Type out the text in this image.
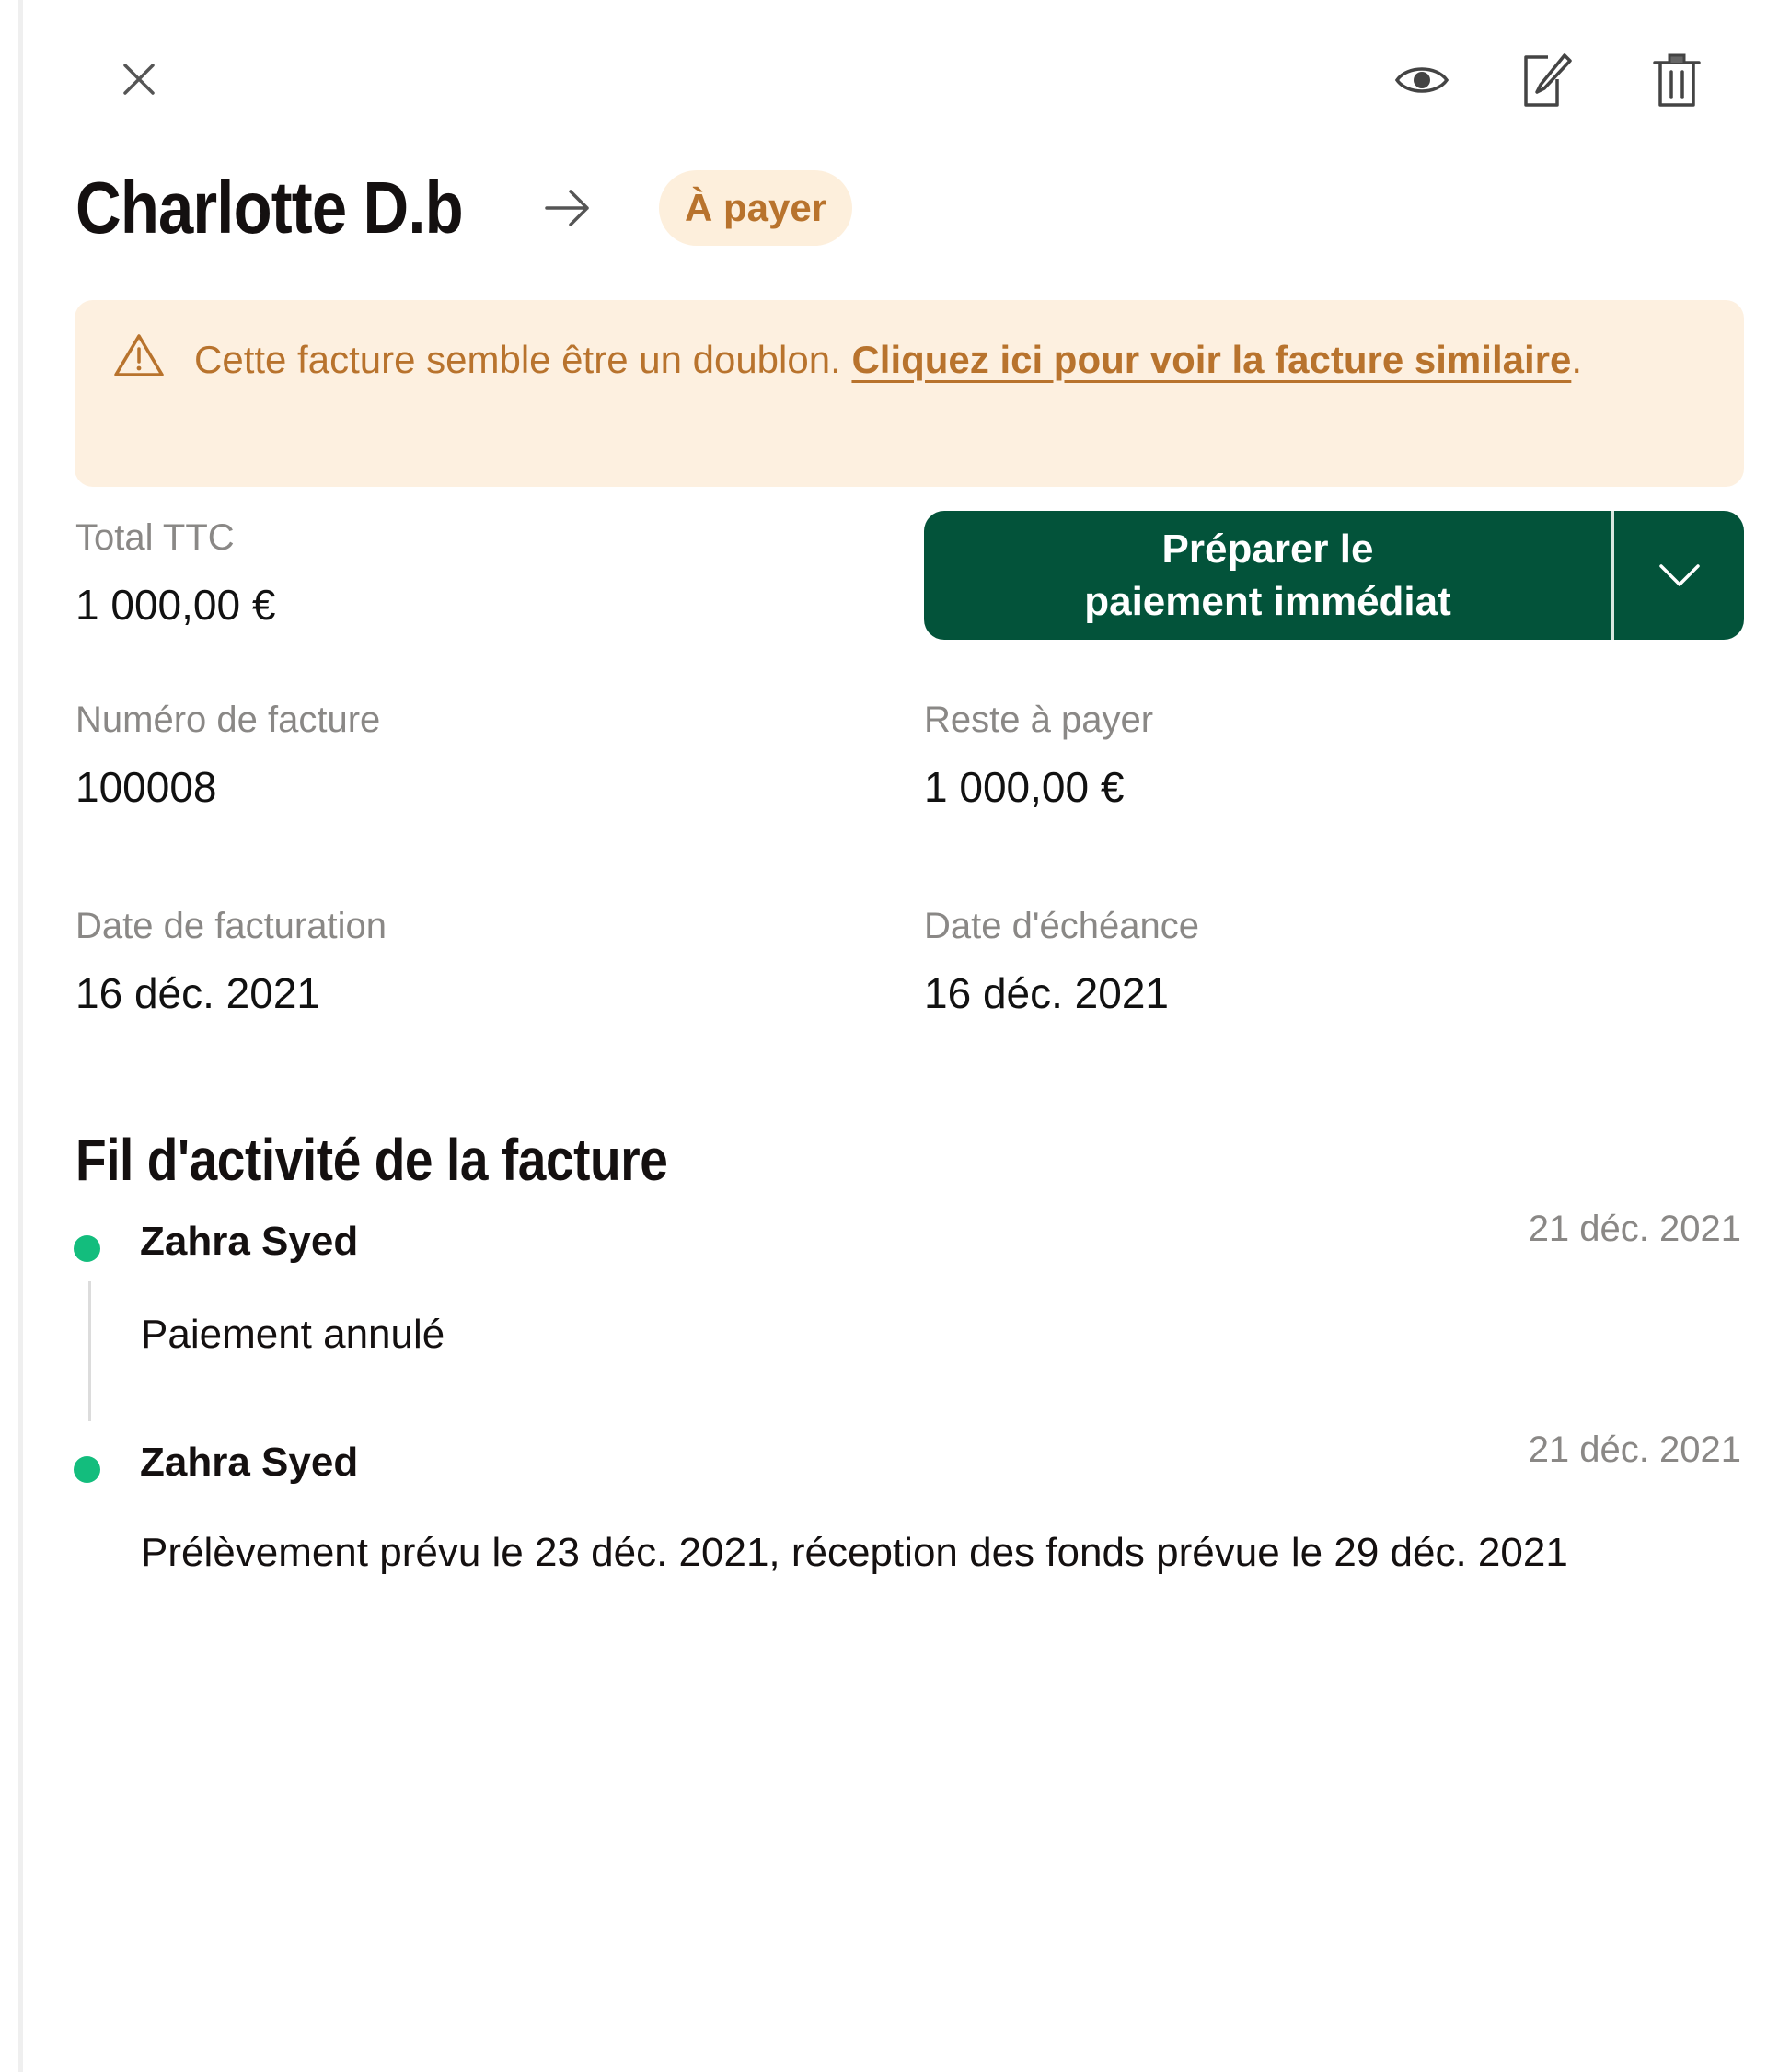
Charlotte D.b	À payer
Cette facture semble être un doublon. Cliquez ici pour voir la facture similaire.
Total TTC
1 000,00 €
Numéro de facture
100008
Date de facturation
16 déc. 2021
Préparer le
paiement immédiat
Reste à payer
1 000,00 €
Date d'échéance
16 déc. 2021
Fil d'activité de la facture
Zahra Syed	21 déc. 2021
Paiement annulé
Zahra Syed	21 déc. 2021
Prélèvement prévu le 23 déc. 2021, réception des fonds prévue le 29 déc. 2021
